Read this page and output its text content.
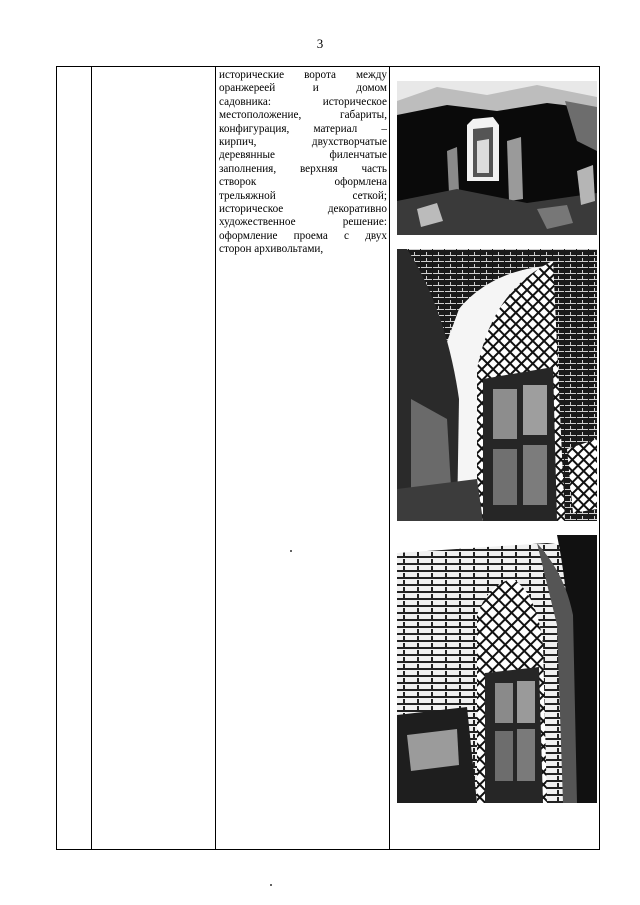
3
исторические ворота между
оранжереей и домом
садовника: историческое
местоположение, габариты,
конфигурация, материал –
кирпич, двухстворчатые
деревянные филенчатые
заполнения, верхняя часть
створок оформлена
трельяжной сеткой;
историческое декоративно
художественное решение:
оформление проема с двух
сторон архивольтами,
